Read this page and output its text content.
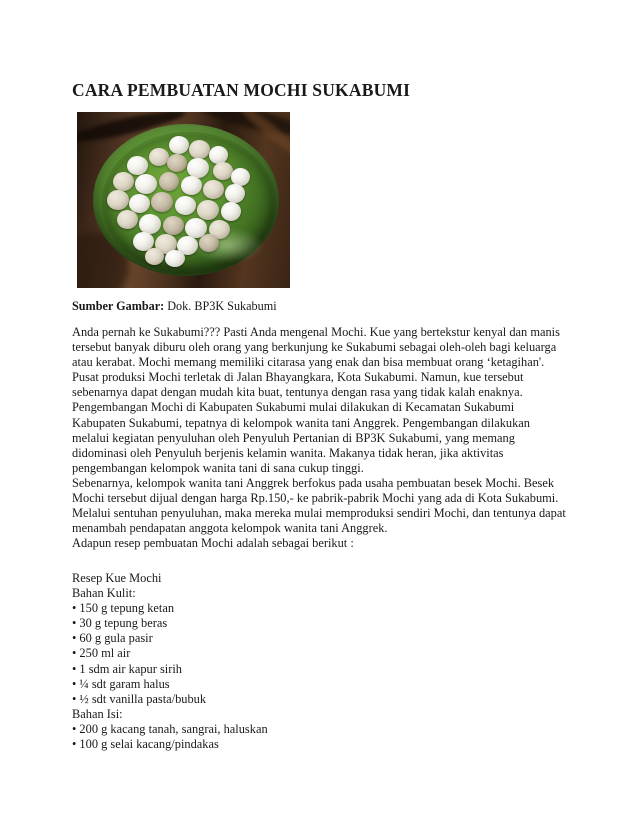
CARA PEMBUATAN MOCHI SUKABUMI
Sumber Gambar: Dok. BP3K Sukabumi

Anda pernah ke Sukabumi??? Pasti Anda mengenal Mochi. Kue yang bertekstur kenyal dan manis tersebut banyak diburu oleh orang yang berkunjung ke Sukabumi sebagai oleh-oleh bagi keluarga atau kerabat. Mochi memang memiliki citarasa yang enak dan bisa membuat orang ‘ketagihan'. Pusat produksi Mochi terletak di Jalan Bhayangkara, Kota Sukabumi. Namun, kue tersebut sebenarnya dapat dengan mudah kita buat, tentunya dengan rasa yang tidak kalah enaknya.

Pengembangan Mochi di Kabupaten Sukabumi mulai dilakukan di Kecamatan Sukabumi Kabupaten Sukabumi, tepatnya di kelompok wanita tani Anggrek. Pengembangan dilakukan melalui kegiatan penyuluhan oleh Penyuluh Pertanian di BP3K Sukabumi, yang memang didominasi oleh Penyuluh berjenis kelamin wanita. Makanya tidak heran, jika aktivitas pengembangan kelompok wanita tani di sana cukup tinggi.

Sebenarnya, kelompok wanita tani Anggrek berfokus pada usaha pembuatan besek Mochi. Besek Mochi tersebut dijual dengan harga Rp.150,- ke pabrik-pabrik Mochi yang ada di Kota Sukabumi. Melalui sentuhan penyuluhan, maka mereka mulai memproduksi sendiri Mochi, dan tentunya dapat menambah pendapatan anggota kelompok wanita tani Anggrek.

Adapun resep pembuatan Mochi adalah sebagai berikut :

Resep Kue Mochi
Bahan Kulit:
• 150 g tepung ketan
• 30 g tepung beras
• 60 g gula pasir
• 250 ml air
• 1 sdm air kapur sirih
• ¼ sdt garam halus
• ½ sdt vanilla pasta/bubuk
Bahan Isi:
• 200 g kacang tanah, sangrai, haluskan
• 100 g selai kacang/pindakas
